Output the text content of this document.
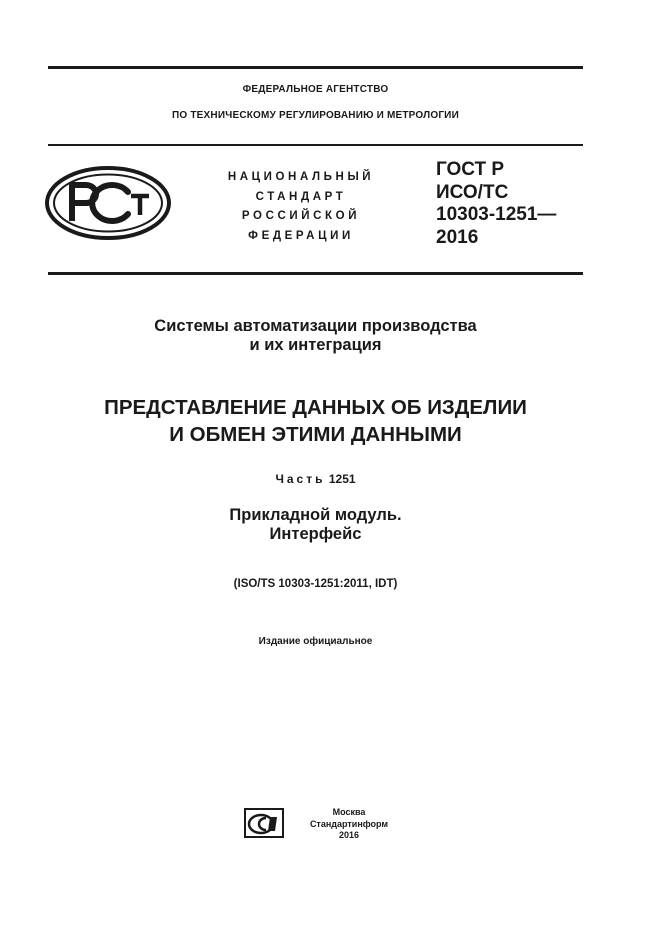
ФЕДЕРАЛЬНОЕ АГЕНТСТВО
ПО ТЕХНИЧЕСКОМУ РЕГУЛИРОВАНИЮ И МЕТРОЛОГИИ
НАЦИОНАЛЬНЫЙ
СТАНДАРТ
РОССИЙСКОЙ
ФЕДЕРАЦИИ
ГОСТ Р
ИСО/ТС
10303-1251—
2016
Системы автоматизации производства
и их интеграция
ПРЕДСТАВЛЕНИЕ ДАННЫХ ОБ ИЗДЕЛИИ
И ОБМЕН ЭТИМИ ДАННЫМИ
Часть 1251
Прикладной модуль.
Интерфейс
(ISO/TS 10303-1251:2011, IDT)
Издание официальное
Москва
Стандартинформ
2016
